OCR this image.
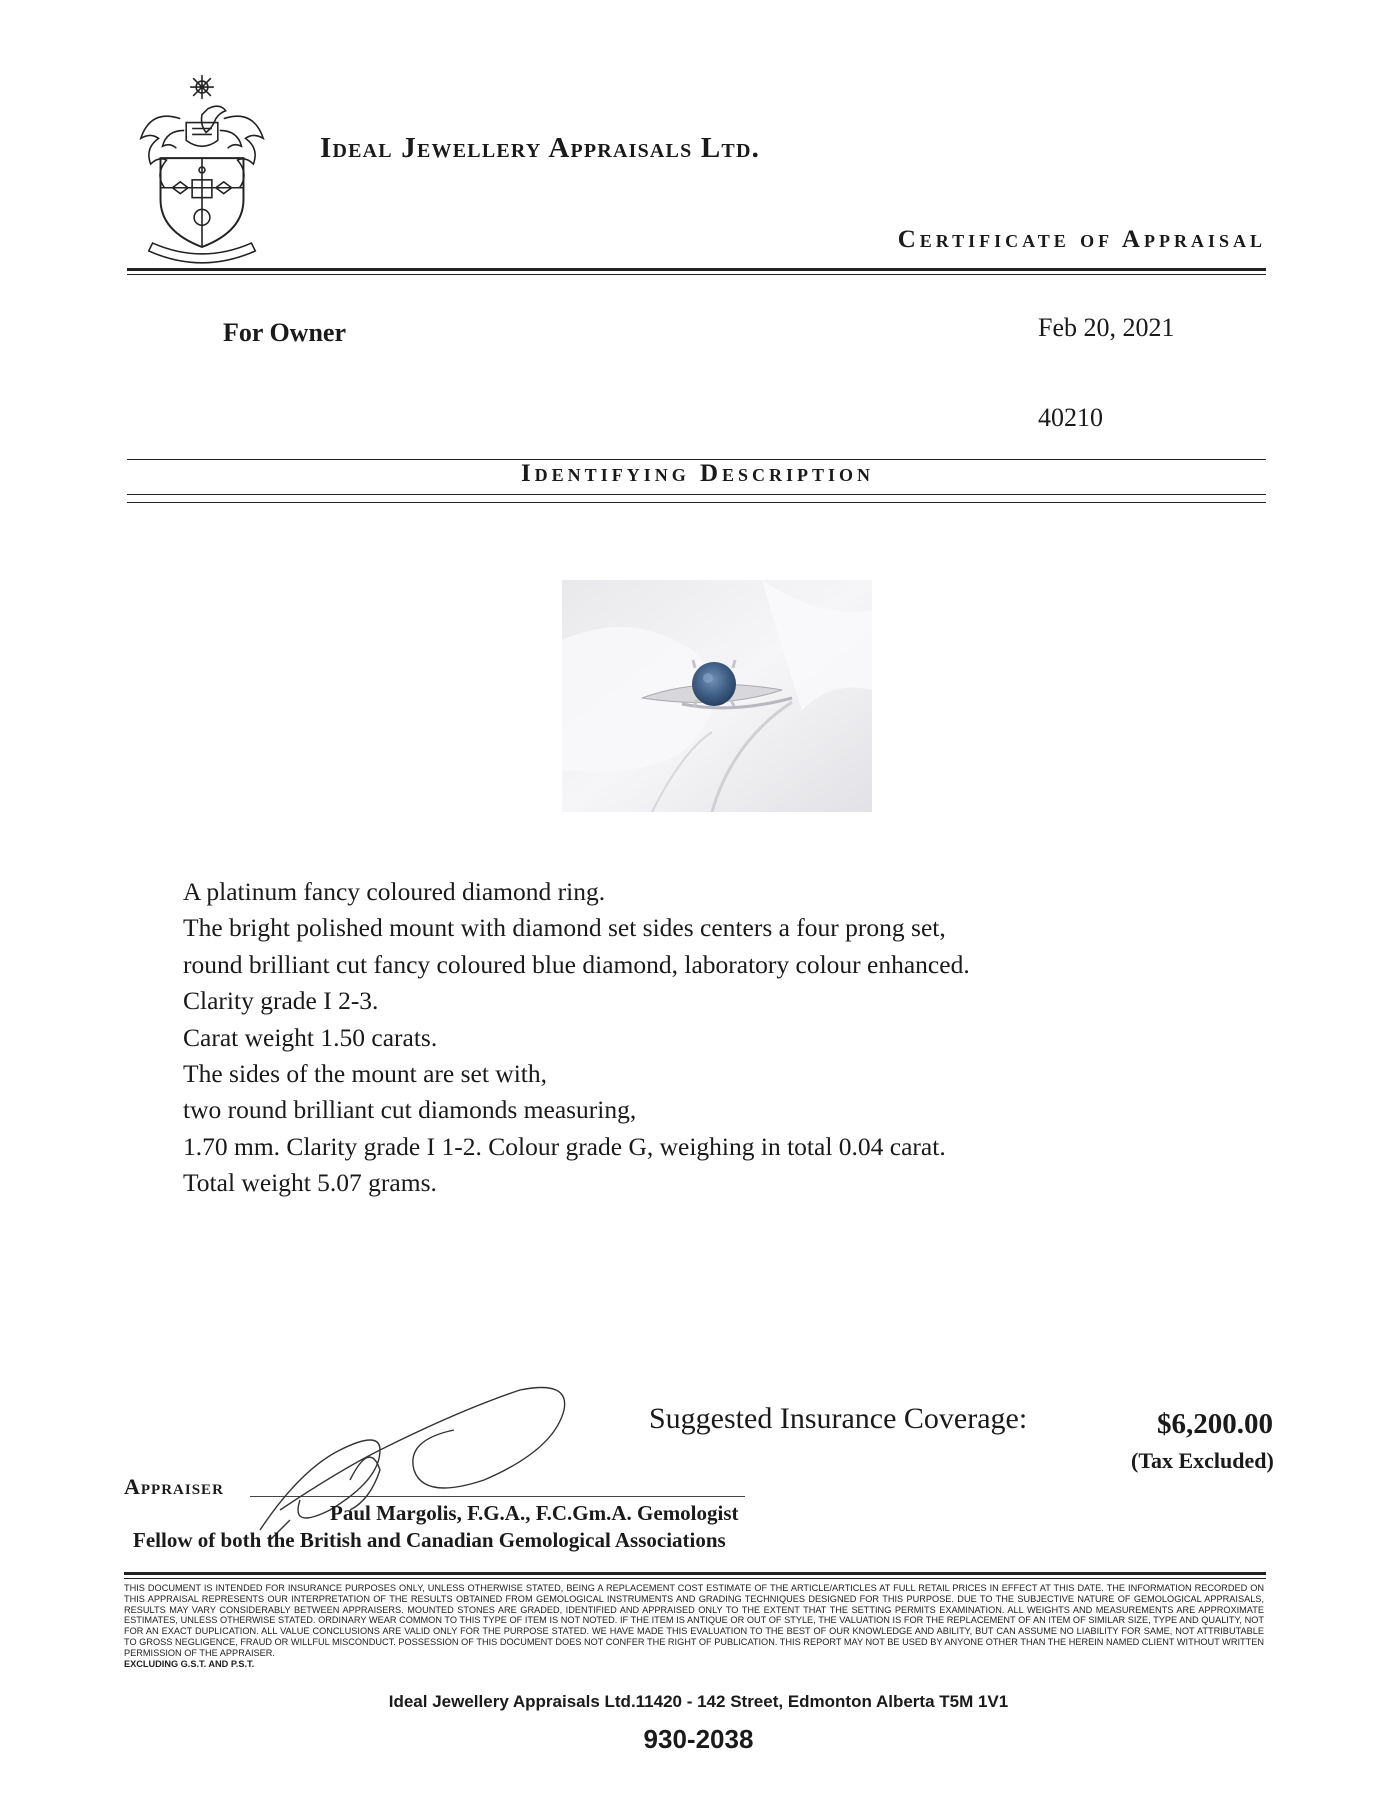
Ideal Jewellery Appraisals Ltd.
Certificate of Appraisal
For Owner	Feb 20, 2021
40210
Identifying Description
A platinum fancy coloured diamond ring.
The bright polished mount with diamond set sides centers a four prong set,
round brilliant cut fancy coloured blue diamond, laboratory colour enhanced.
Clarity grade I 2-3.
Carat weight 1.50 carats.
The sides of the mount are set with,
two round brilliant cut diamonds measuring,
1.70 mm. Clarity grade I 1-2. Colour grade G, weighing in total 0.04 carat.
Total weight 5.07 grams.
Suggested Insurance Coverage:	$6,200.00
(Tax Excluded)
Appraiser
Paul Margolis, F.G.A., F.C.Gm.A. Gemologist
Fellow of both the British and Canadian Gemological Associations
THIS DOCUMENT IS INTENDED FOR INSURANCE PURPOSES ONLY, UNLESS OTHERWISE STATED, BEING A REPLACEMENT COST ESTIMATE OF THE ARTICLE/ARTICLES AT FULL RETAIL PRICES IN EFFECT AT THIS DATE. THE INFORMATION RECORDED ON THIS APPRAISAL REPRESENTS OUR INTERPRETATION OF THE RESULTS OBTAINED FROM GEMOLOGICAL INSTRUMENTS AND GRADING TECHNIQUES DESIGNED FOR THIS PURPOSE. DUE TO THE SUBJECTIVE NATURE OF GEMOLOGICAL APPRAISALS, RESULTS MAY VARY CONSIDERABLY BETWEEN APPRAISERS. MOUNTED STONES ARE GRADED, IDENTIFIED AND APPRAISED ONLY TO THE EXTENT THAT THE SETTING PERMITS EXAMINATION. ALL WEIGHTS AND MEASUREMENTS ARE APPROXIMATE ESTIMATES, UNLESS OTHERWISE STATED. ORDINARY WEAR COMMON TO THIS TYPE OF ITEM IS NOT NOTED. IF THE ITEM IS ANTIQUE OR OUT OF STYLE, THE VALUATION IS FOR THE REPLACEMENT OF AN ITEM OF SIMILAR SIZE, TYPE AND QUALITY, NOT FOR AN EXACT DUPLICATION. ALL VALUE CONCLUSIONS ARE VALID ONLY FOR THE PURPOSE STATED. WE HAVE MADE THIS EVALUATION TO THE BEST OF OUR KNOWLEDGE AND ABILITY, BUT CAN ASSUME NO LIABILITY FOR SAME, NOT ATTRIBUTABLE TO GROSS NEGLIGENCE, FRAUD OR WILLFUL MISCONDUCT. POSSESSION OF THIS DOCUMENT DOES NOT CONFER THE RIGHT OF PUBLICATION. THIS REPORT MAY NOT BE USED BY ANYONE OTHER THAN THE HEREIN NAMED CLIENT WITHOUT WRITTEN PERMISSION OF THE APPRAISER.
EXCLUDING G.S.T. AND P.S.T.
Ideal Jewellery Appraisals Ltd.11420 - 142 Street, Edmonton Alberta T5M 1V1
930-2038
